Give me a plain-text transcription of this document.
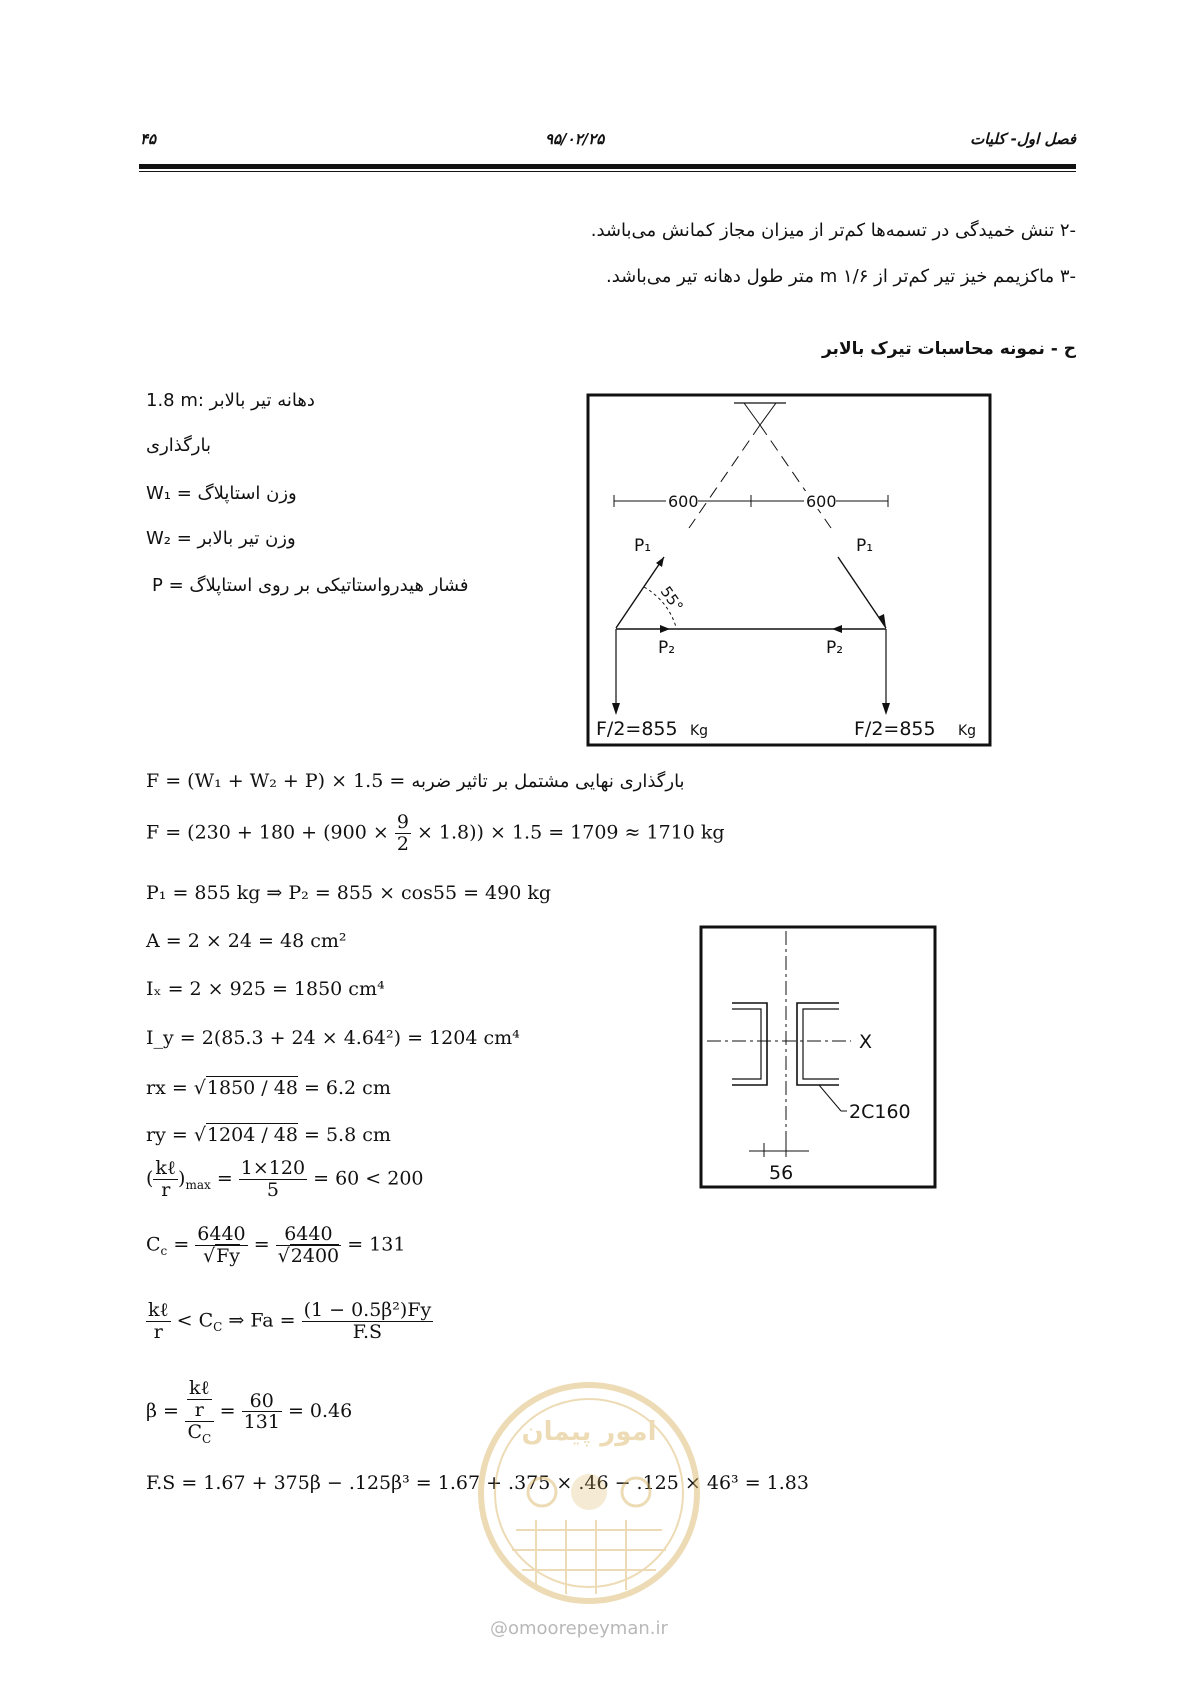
فصل اول- کلیات
۹۵/۰۲/۲۵
۴۵
-۲ تنش خمیدگی در تسمه‌ها کم‌تر از میزان مجاز کمانش می‌باشد.
-۳ ماکزیمم خیز تیر کم‌تر از ۱/۶ m متر طول دهانه تیر می‌باشد.
ح - نمونه محاسبات تیرک بالابر
1.8 m: دهانه تیر بالابر
بارگذاری
W₁ = وزن استاپلاگ
W₂ = وزن تیر بالابر
P = فشار هیدرواستاتیکی بر روی استاپلاگ
600	600
P₁	P₁
55°
P₂	P₂
F/2=855 Kg	F/2=855 Kg
F = (W₁ + W₂ + P) × 1.5 = بارگذاری نهایی مشتمل بر تاثیر ضربه
$F = (230 + 180 + (900 \times \frac{9}{2} \times 1.8)) \times 1.5 = 1709 \approx 1710$ kg
P₁ = 855 kg ⇒ P₂ = 855 × cos55 = 490 kg
A = 2 × 24 = 48 cm²
Iₓ = 2 × 925 = 1850 cm⁴
I_y = 2(85.3 + 24 × 4.64²) = 1204 cm⁴
rx = √1850 / 48 = 6.2 cm
ry = √1204 / 48 = 5.8 cm
( $\frac{\text{kℓ}}{r} )_{max} = \frac{1\times 120}{5} = 60 < 200$
$C_c = \frac{6440}{√Fy} = \frac{6440}{√2400} = 131$
$\frac{\text{kℓ}}{r} < C_C$ ⇒ $Fa = \frac{\text{(1 − 0.5β²)Fy}}{F.S}$
$\beta = \frac{\frac{\text{kℓ}}{r}}{C_C} = \frac{60}{131} = 0.46$
F.S = 1.67 + 375β − .125β³ = 1.67 + .375 × .46 − .125 × 46³ = 1.83
X
2C160
56
امور پیمان
@omoorepeyman.ir
